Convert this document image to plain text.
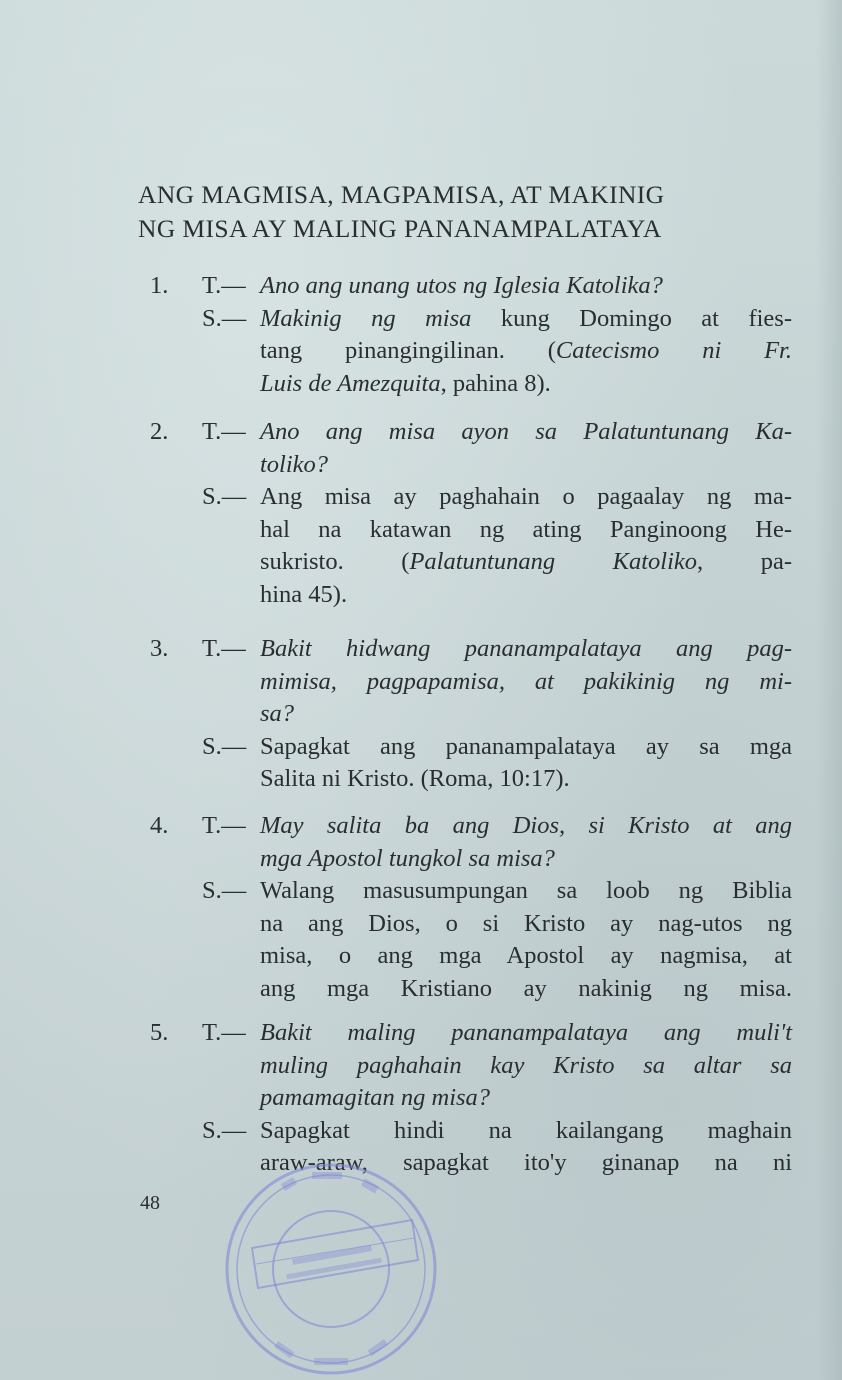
ANG MAGMISA, MAGPAMISA, AT MAKINIG
NG MISA AY MALING PANANAMPALATAYA
1. T.— Ano ang unang utos ng Iglesia Katolika?
S.— Makinig ng misa kung Domingo at fies-
tang pinangingilinan. (Catecismo ni Fr.
Luis de Amezquita, pahina 8).
2. T.— Ano ang misa ayon sa Palatuntunang Ka-
toliko?
S.— Ang misa ay paghahain o pagaalay ng ma-
hal na katawan ng ating Panginoong He-
sukristo. (Palatuntunang Katoliko, pa-
hina 45).
3. T.— Bakit hidwang pananampalataya ang pag-
mimisa, pagpapamisa, at pakikinig ng mi-
sa?
S.— Sapagkat ang pananampalataya ay sa mga
Salita ni Kristo. (Roma, 10:17).
4. T.— May salita ba ang Dios, si Kristo at ang
mga Apostol tungkol sa misa?
S.— Walang masusumpungan sa loob ng Biblia
na ang Dios, o si Kristo ay nag-utos ng
misa, o ang mga Apostol ay nagmisa, at
ang mga Kristiano ay nakinig ng misa.
5. T.— Bakit maling pananampalataya ang muli't
muling paghahain kay Kristo sa altar sa
pamamagitan ng misa?
S.— Sapagkat hindi na kailangang maghain
araw-araw, sapagkat ito'y ginanap na ni
48
